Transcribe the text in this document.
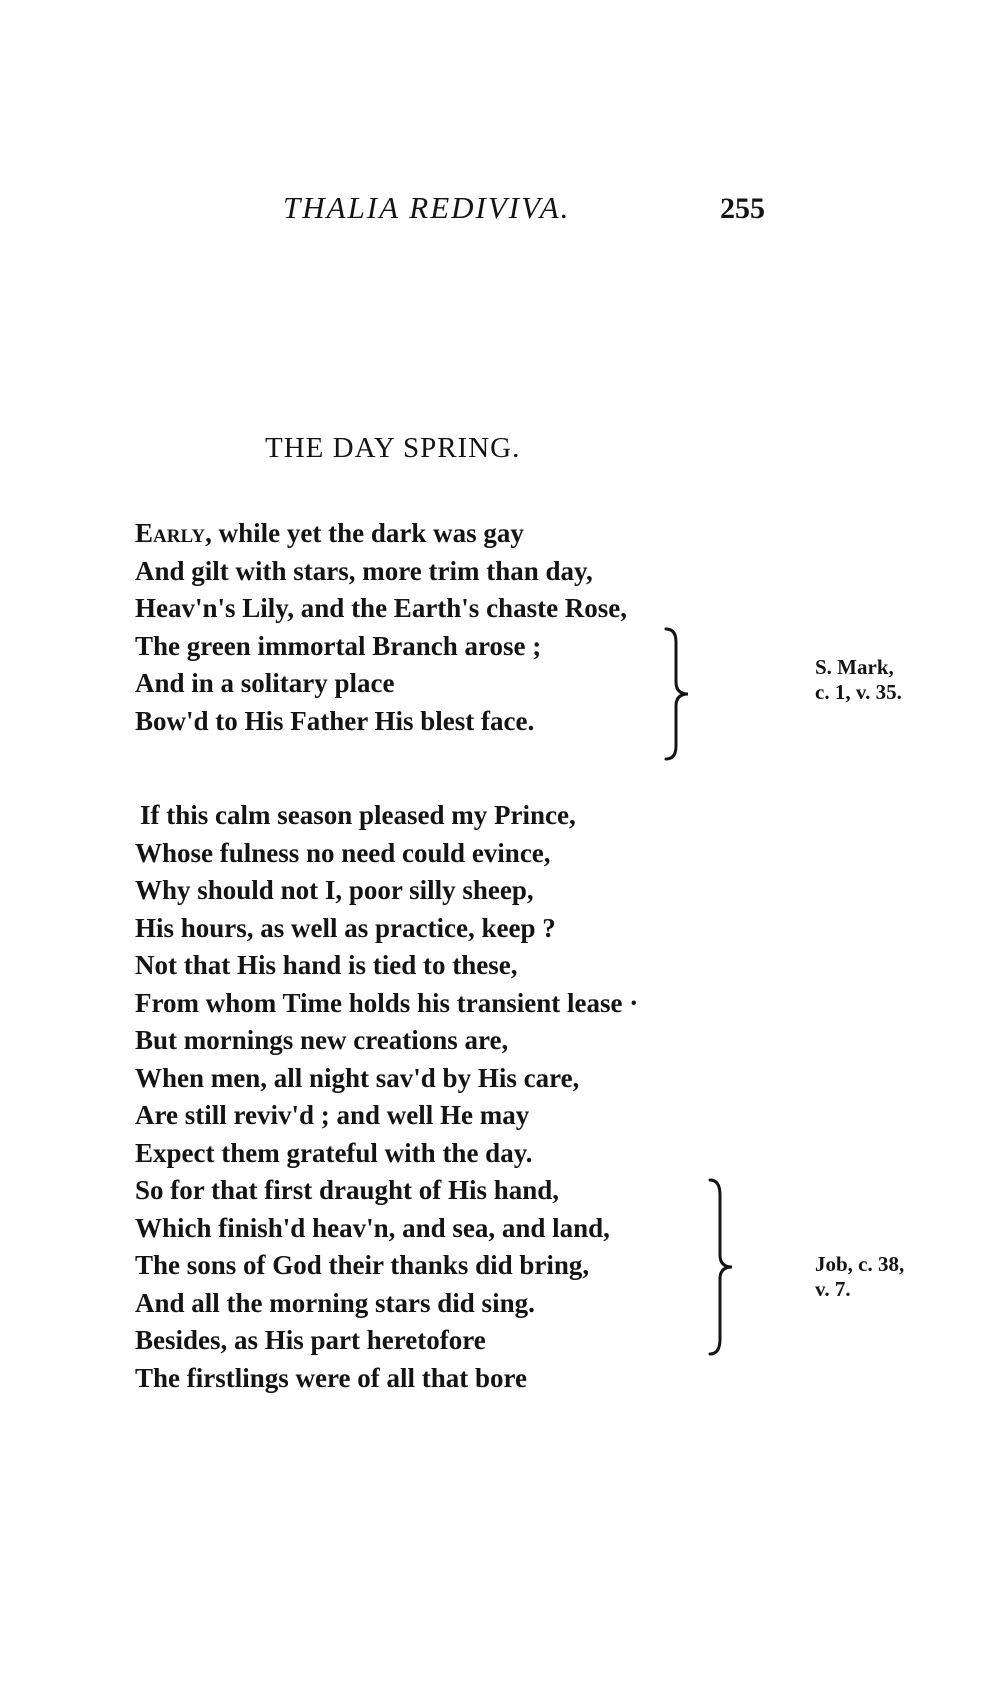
THALIA REDIVIVA.	255
THE DAY SPRING.
Early, while yet the dark was gay
And gilt with stars, more trim than day,
Heav'n's Lily, and the Earth's chaste Rose,
The green immortal Branch arose ;
And in a solitary place
Bow'd to His Father His blest face.
S. Mark,
c. 1, v. 35.
If this calm season pleased my Prince,
Whose fulness no need could evince,
Why should not I, poor silly sheep,
His hours, as well as practice, keep ?
Not that His hand is tied to these,
From whom Time holds his transient lease ·
But mornings new creations are,
When men, all night sav'd by His care,
Are still reviv'd ; and well He may
Expect them grateful with the day.
So for that first draught of His hand,
Which finish'd heav'n, and sea, and land,
The sons of God their thanks did bring,
And all the morning stars did sing.
Besides, as His part heretofore
The firstlings were of all that bore
Job, c. 38,
v. 7.
